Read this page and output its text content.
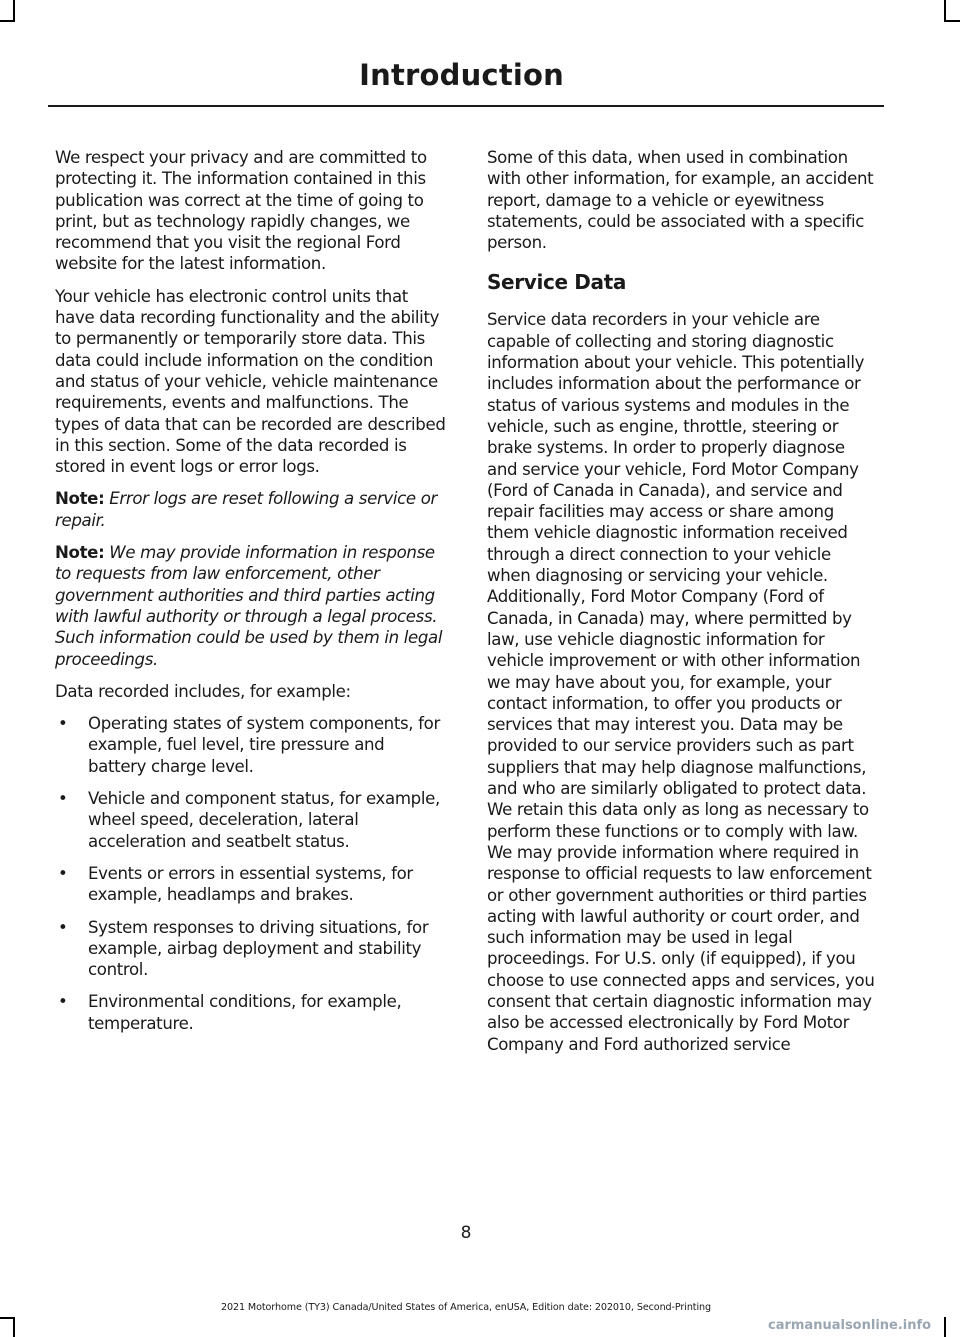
Introduction

We respect your privacy and are committed to protecting it. The information contained in this publication was correct at the time of going to print, but as technology rapidly changes, we recommend that you visit the regional Ford website for the latest information.

Your vehicle has electronic control units that have data recording functionality and the ability to permanently or temporarily store data. This data could include information on the condition and status of your vehicle, vehicle maintenance requirements, events and malfunctions. The types of data that can be recorded are described in this section. Some of the data recorded is stored in event logs or error logs.

Note: Error logs are reset following a service or repair.

Note: We may provide information in response to requests from law enforcement, other government authorities and third parties acting with lawful authority or through a legal process. Such information could be used by them in legal proceedings.

Data recorded includes, for example:

• Operating states of system components, for example, fuel level, tire pressure and battery charge level.
• Vehicle and component status, for example, wheel speed, deceleration, lateral acceleration and seatbelt status.
• Events or errors in essential systems, for example, headlamps and brakes.
• System responses to driving situations, for example, airbag deployment and stability control.
• Environmental conditions, for example, temperature.

Some of this data, when used in combination with other information, for example, an accident report, damage to a vehicle or eyewitness statements, could be associated with a specific person.

Service Data

Service data recorders in your vehicle are capable of collecting and storing diagnostic information about your vehicle. This potentially includes information about the performance or status of various systems and modules in the vehicle, such as engine, throttle, steering or brake systems. In order to properly diagnose and service your vehicle, Ford Motor Company (Ford of Canada in Canada), and service and repair facilities may access or share among them vehicle diagnostic information received through a direct connection to your vehicle when diagnosing or servicing your vehicle. Additionally, Ford Motor Company (Ford of Canada, in Canada) may, where permitted by law, use vehicle diagnostic information for vehicle improvement or with other information we may have about you, for example, your contact information, to offer you products or services that may interest you. Data may be provided to our service providers such as part suppliers that may help diagnose malfunctions, and who are similarly obligated to protect data. We retain this data only as long as necessary to perform these functions or to comply with law. We may provide information where required in response to official requests to law enforcement or other government authorities or third parties acting with lawful authority or court order, and such information may be used in legal proceedings. For U.S. only (if equipped), if you choose to use connected apps and services, you consent that certain diagnostic information may also be accessed electronically by Ford Motor Company and Ford authorized service

8
2021 Motorhome (TY3) Canada/United States of America, enUSA, Edition date: 202010, Second-Printing
carmanualsonline.info
